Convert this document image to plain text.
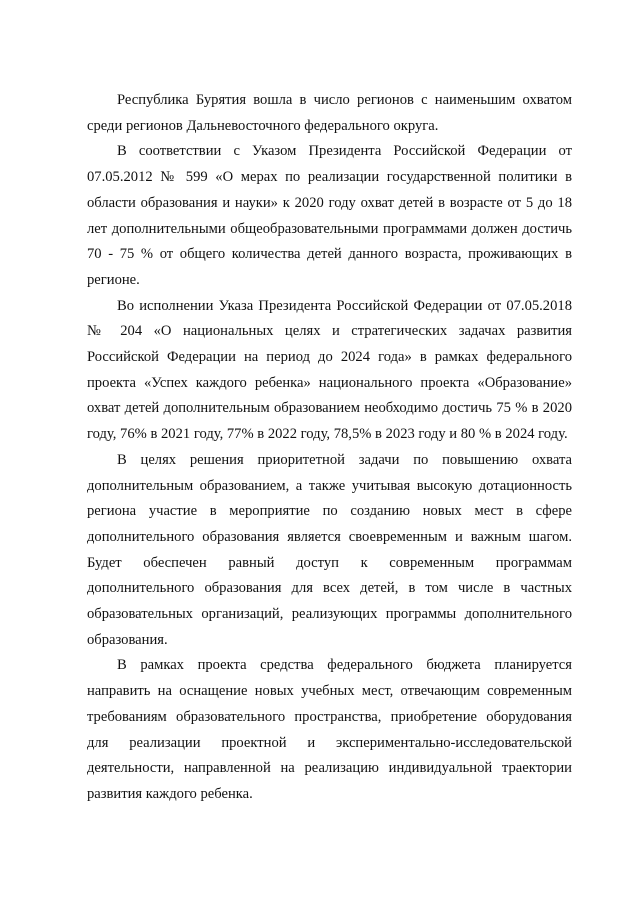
Республика Бурятия вошла в число регионов с наименьшим охватом среди регионов Дальневосточного федерального округа.

В соответствии с Указом Президента Российской Федерации от 07.05.2012 № 599 «О мерах по реализации государственной политики в области образования и науки» к 2020 году охват детей в возрасте от 5 до 18 лет дополнительными общеобразовательными программами должен достичь 70 - 75 % от общего количества детей данного возраста, проживающих в регионе.

Во исполнении Указа Президента Российской Федерации от 07.05.2018 № 204 «О национальных целях и стратегических задачах развития Российской Федерации на период до 2024 года» в рамках федерального проекта «Успех каждого ребенка» национального проекта «Образование» охват детей дополнительным образованием необходимо достичь 75 % в 2020 году, 76% в 2021 году, 77% в 2022 году, 78,5% в 2023 году и 80 % в 2024 году.

В целях решения приоритетной задачи по повышению охвата дополнительным образованием, а также учитывая высокую дотационность региона участие в мероприятие по созданию новых мест в сфере дополнительного образования является своевременным и важным шагом. Будет обеспечен равный доступ к современным программам дополнительного образования для всех детей, в том числе в частных образовательных организаций, реализующих программы дополнительного образования.

В рамках проекта средства федерального бюджета планируется направить на оснащение новых учебных мест, отвечающим современным требованиям образовательного пространства, приобретение оборудования для реализации проектной и экспериментально-исследовательской деятельности, направленной на реализацию индивидуальной траектории развития каждого ребенка.
